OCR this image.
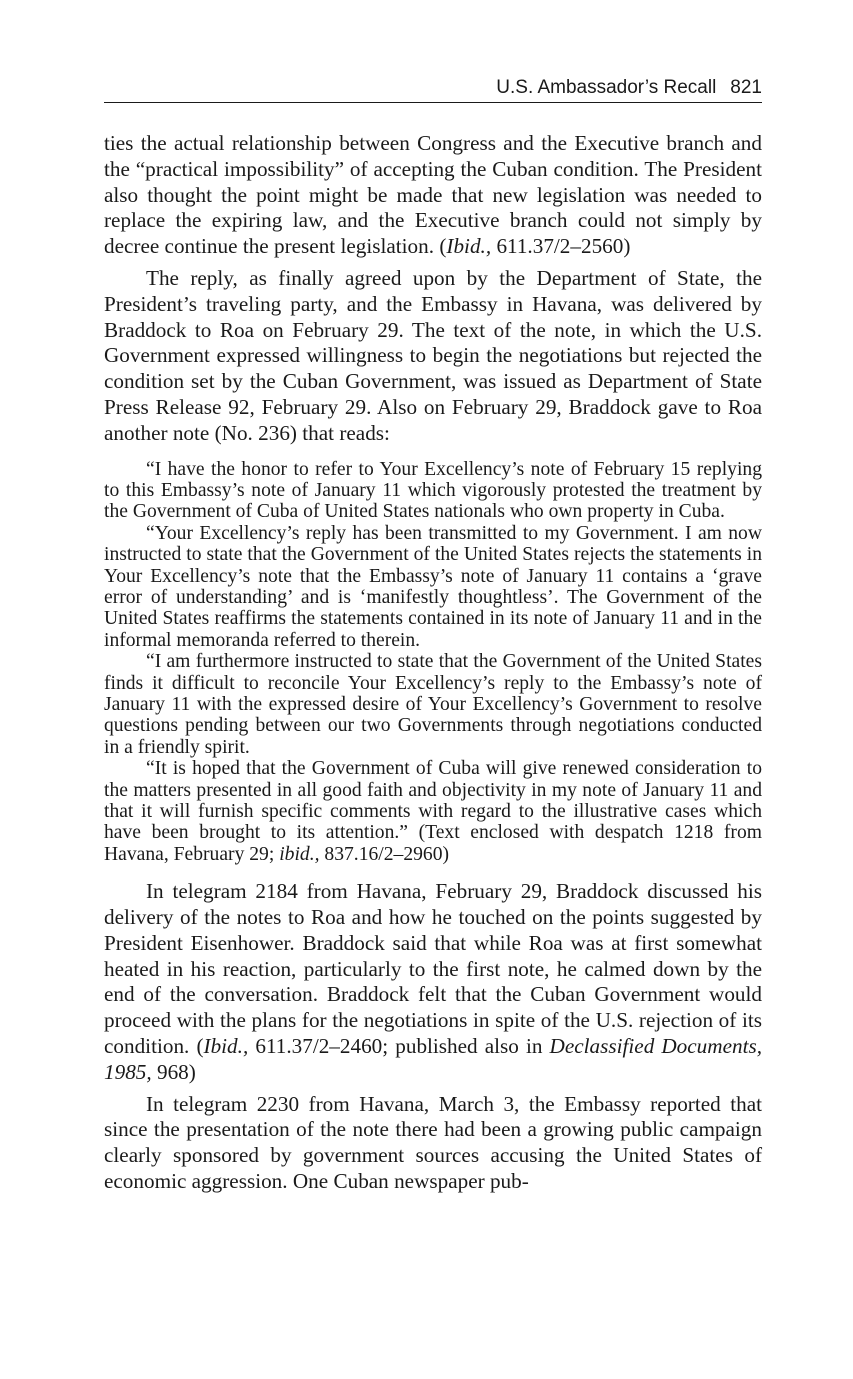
U.S. Ambassador’s Recall 821

ties the actual relationship between Congress and the Executive branch and the “practical impossibility” of accepting the Cuban condition. The President also thought the point might be made that new legislation was needed to replace the expiring law, and the Executive branch could not simply by decree continue the present legislation. (Ibid., 611.37/2–2560)

The reply, as finally agreed upon by the Department of State, the President’s traveling party, and the Embassy in Havana, was delivered by Braddock to Roa on February 29. The text of the note, in which the U.S. Government expressed willingness to begin the negotiations but rejected the condition set by the Cuban Government, was issued as Department of State Press Release 92, February 29. Also on February 29, Braddock gave to Roa another note (No. 236) that reads:

“I have the honor to refer to Your Excellency’s note of February 15 replying to this Embassy’s note of January 11 which vigorously protested the treatment by the Government of Cuba of United States nationals who own property in Cuba.

“Your Excellency’s reply has been transmitted to my Government. I am now instructed to state that the Government of the United States rejects the statements in Your Excellency’s note that the Embassy’s note of January 11 contains a ‘grave error of understanding’ and is ‘manifestly thoughtless’. The Government of the United States reaffirms the statements contained in its note of January 11 and in the informal memoranda referred to therein.

“I am furthermore instructed to state that the Government of the United States finds it difficult to reconcile Your Excellency’s reply to the Embassy’s note of January 11 with the expressed desire of Your Excellency’s Government to resolve questions pending between our two Governments through negotiations conducted in a friendly spirit.

“It is hoped that the Government of Cuba will give renewed consideration to the matters presented in all good faith and objectivity in my note of January 11 and that it will furnish specific comments with regard to the illustrative cases which have been brought to its attention.” (Text enclosed with despatch 1218 from Havana, February 29; ibid., 837.16/2–2960)

In telegram 2184 from Havana, February 29, Braddock discussed his delivery of the notes to Roa and how he touched on the points suggested by President Eisenhower. Braddock said that while Roa was at first somewhat heated in his reaction, particularly to the first note, he calmed down by the end of the conversation. Braddock felt that the Cuban Government would proceed with the plans for the negotiations in spite of the U.S. rejection of its condition. (Ibid., 611.37/2–2460; published also in Declassified Documents, 1985, 968)

In telegram 2230 from Havana, March 3, the Embassy reported that since the presentation of the note there had been a growing public campaign clearly sponsored by government sources accusing the United States of economic aggression. One Cuban newspaper pub-
